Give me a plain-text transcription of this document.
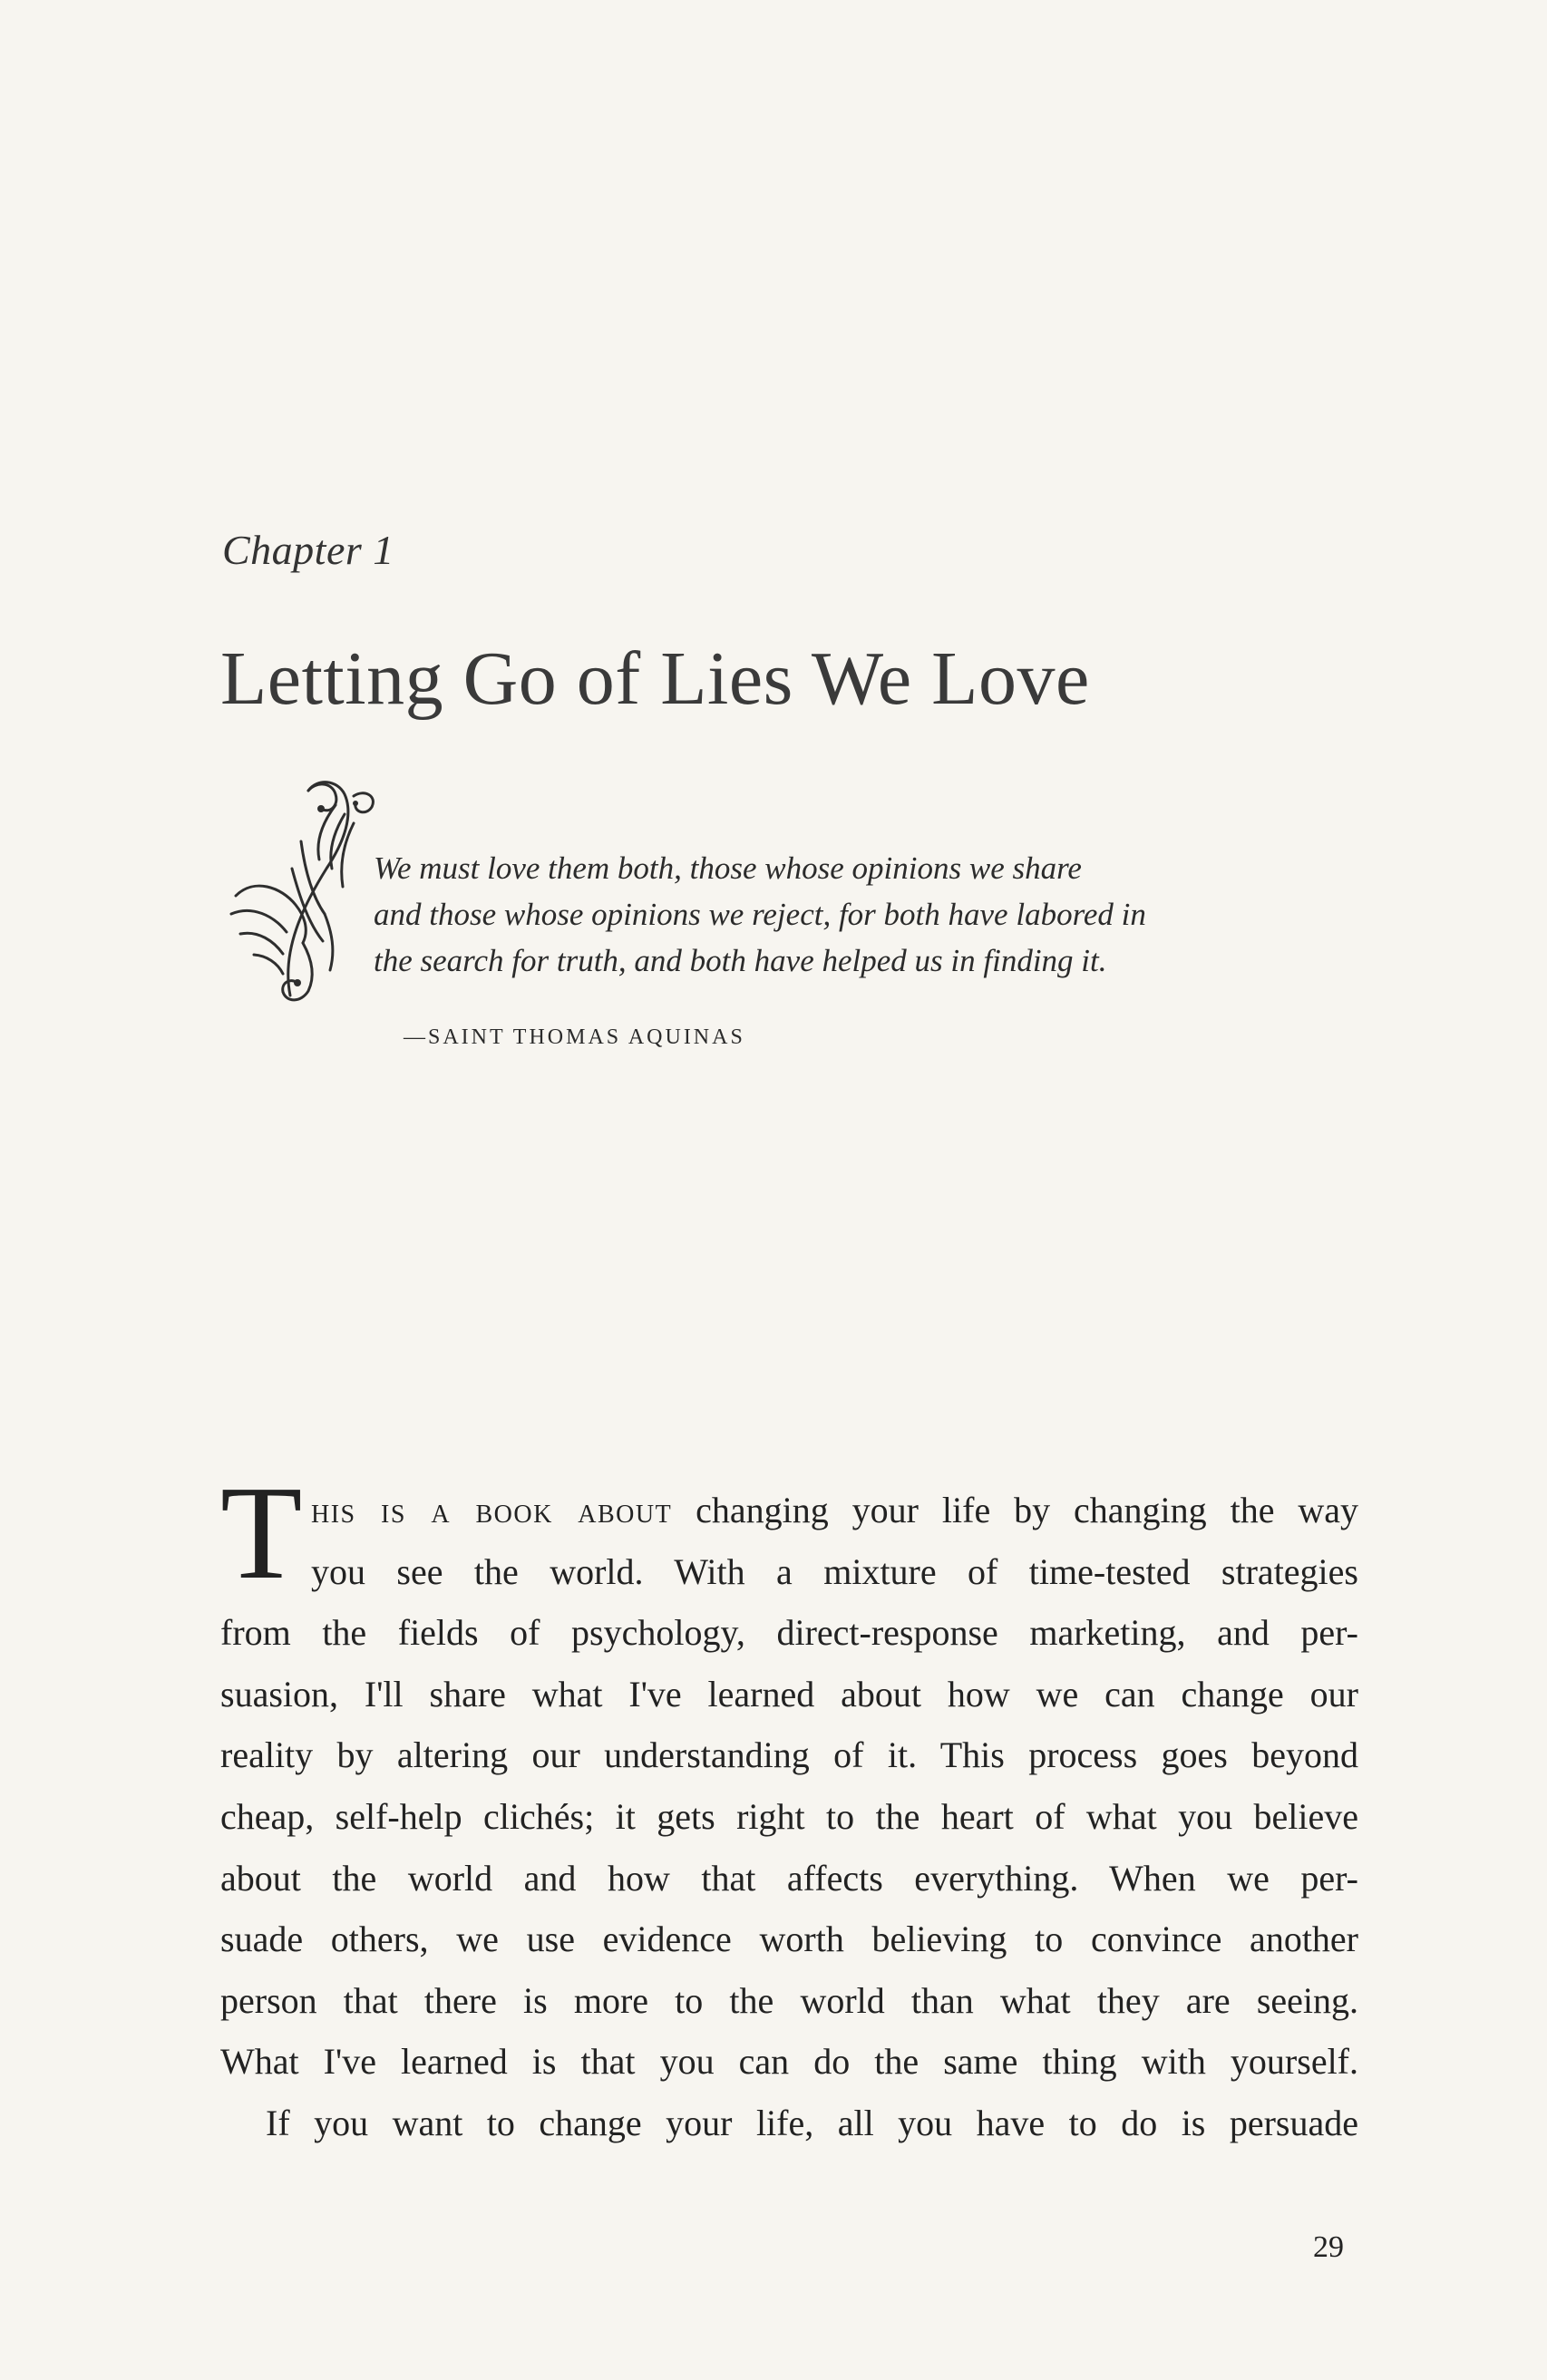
Chapter 1
Letting Go of Lies We Love
We must love them both, those whose opinions we share
and those whose opinions we reject, for both have labored in
the search for truth, and both have helped us in finding it.
—SAINT THOMAS AQUINAS
T his is a book about changing your life by changing the way
you see the world. With a mixture of time-tested strategies
from the fields of psychology, direct-response marketing, and per-
suasion, I'll share what I've learned about how we can change our
reality by altering our understanding of it. This process goes beyond
cheap, self-help clichés; it gets right to the heart of what you believe
about the world and how that affects everything. When we per-
suade others, we use evidence worth believing to convince another
person that there is more to the world than what they are seeing.
What I've learned is that you can do the same thing with yourself.
If you want to change your life, all you have to do is persuade
29
